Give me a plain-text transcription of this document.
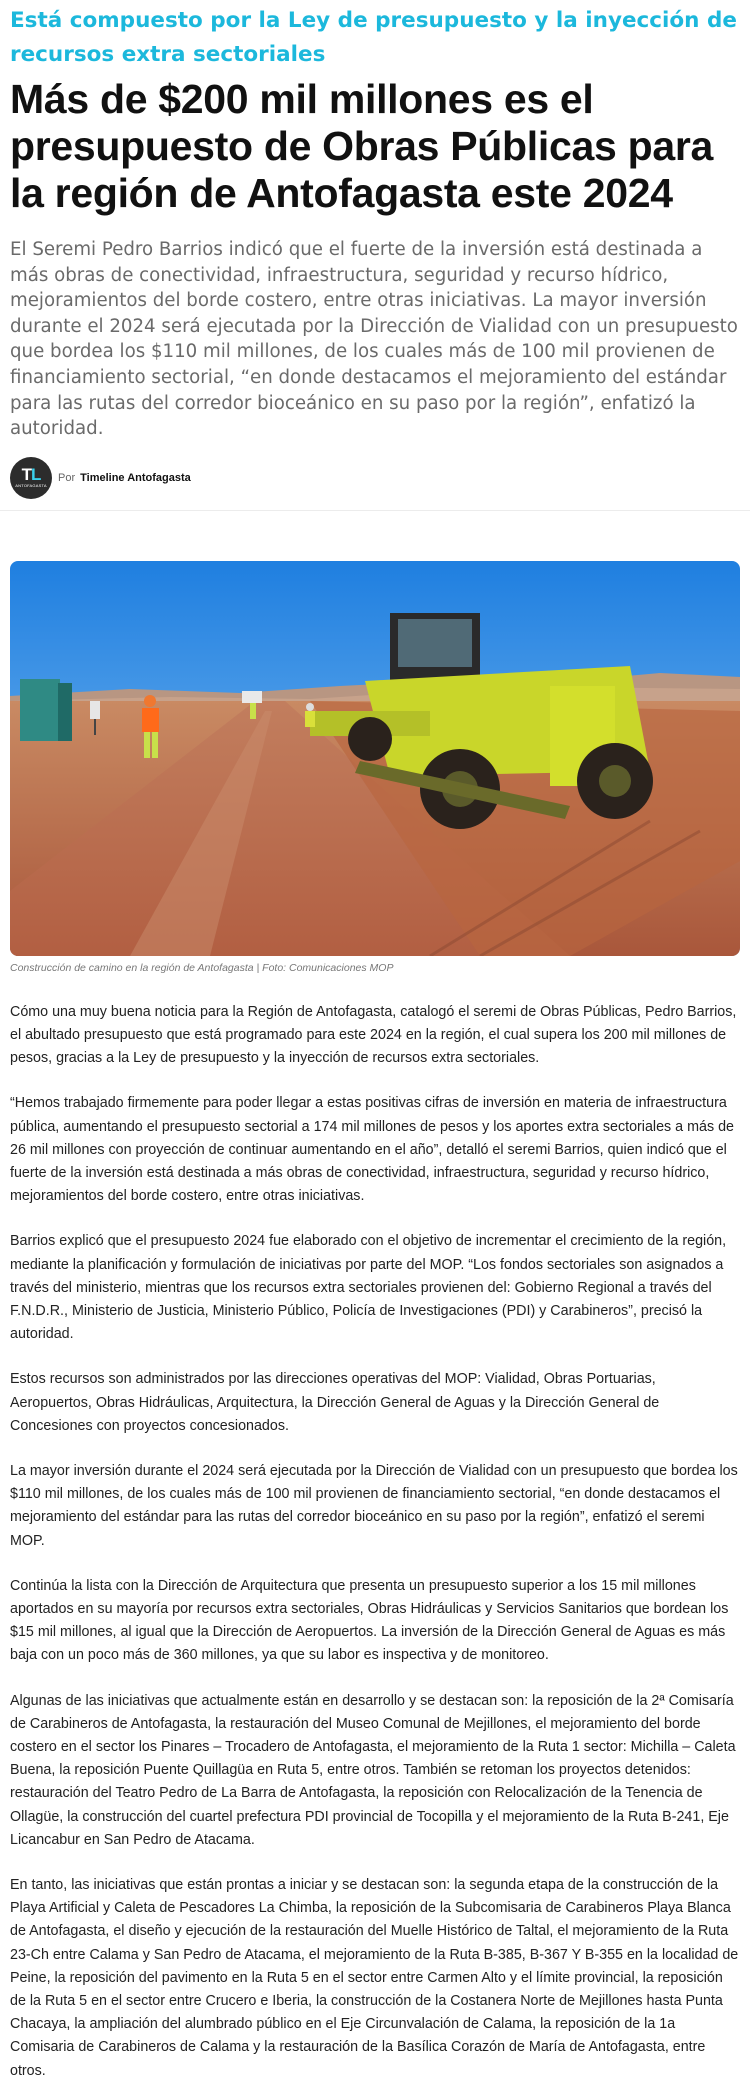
Está compuesto por la Ley de presupuesto y la inyección de recursos extra sectoriales
Más de $200 mil millones es el presupuesto de Obras Públicas para la región de Antofagasta este 2024
El Seremi Pedro Barrios indicó que el fuerte de la inversión está destinada a más obras de conectividad, infraestructura, seguridad y recurso hídrico, mejoramientos del borde costero, entre otras iniciativas. La mayor inversión durante el 2024 será ejecutada por la Dirección de Vialidad con un presupuesto que bordea los $110 mil millones, de los cuales más de 100 mil provienen de financiamiento sectorial, “en donde destacamos el mejoramiento del estándar para las rutas del corredor bioceánico en su paso por la región”, enfatizó la autoridad.
TL
ANTOFAGASTA
Por Timeline Antofagasta
Construcción de camino en la región de Antofagasta | Foto: Comunicaciones MOP

Cómo una muy buena noticia para la Región de Antofagasta, catalogó el seremi de Obras Públicas, Pedro Barrios, el abultado presupuesto que está programado para este 2024 en la región, el cual supera los 200 mil millones de pesos, gracias a la Ley de presupuesto y la inyección de recursos extra sectoriales.

“Hemos trabajado firmemente para poder llegar a estas positivas cifras de inversión en materia de infraestructura pública, aumentando el presupuesto sectorial a 174 mil millones de pesos y los aportes extra sectoriales a más de 26 mil millones con proyección de continuar aumentando en el año”, detalló el seremi Barrios, quien indicó que el fuerte de la inversión está destinada a más obras de conectividad, infraestructura, seguridad y recurso hídrico, mejoramientos del borde costero, entre otras iniciativas.

Barrios explicó que el presupuesto 2024 fue elaborado con el objetivo de incrementar el crecimiento de la región, mediante la planificación y formulación de iniciativas por parte del MOP. “Los fondos sectoriales son asignados a través del ministerio, mientras que los recursos extra sectoriales provienen del: Gobierno Regional a través del F.N.D.R., Ministerio de Justicia, Ministerio Público, Policía de Investigaciones (PDI) y Carabineros”, precisó la autoridad.

Estos recursos son administrados por las direcciones operativas del MOP: Vialidad, Obras Portuarias, Aeropuertos, Obras Hidráulicas, Arquitectura, la Dirección General de Aguas y la Dirección General de Concesiones con proyectos concesionados.

La mayor inversión durante el 2024 será ejecutada por la Dirección de Vialidad con un presupuesto que bordea los $110 mil millones, de los cuales más de 100 mil provienen de financiamiento sectorial, “en donde destacamos el mejoramiento del estándar para las rutas del corredor bioceánico en su paso por la región”, enfatizó el seremi MOP.

Continúa la lista con la Dirección de Arquitectura que presenta un presupuesto superior a los 15 mil millones aportados en su mayoría por recursos extra sectoriales, Obras Hidráulicas y Servicios Sanitarios que bordean los $15 mil millones, al igual que la Dirección de Aeropuertos. La inversión de la Dirección General de Aguas es más baja con un poco más de 360 millones, ya que su labor es inspectiva y de monitoreo.

Algunas de las iniciativas que actualmente están en desarrollo y se destacan son: la reposición de la 2ª Comisaría de Carabineros de Antofagasta, la restauración del Museo Comunal de Mejillones, el mejoramiento del borde costero en el sector los Pinares – Trocadero de Antofagasta, el mejoramiento de la Ruta 1 sector: Michilla – Caleta Buena, la reposición Puente Quillagüa en Ruta 5, entre otros. También se retoman los proyectos detenidos: restauración del Teatro Pedro de La Barra de Antofagasta, la reposición con Relocalización de la Tenencia de Ollagüe, la construcción del cuartel prefectura PDI provincial de Tocopilla y el mejoramiento de la Ruta B-241, Eje Licancabur en San Pedro de Atacama.

En tanto, las iniciativas que están prontas a iniciar y se destacan son: la segunda etapa de la construcción de la Playa Artificial y Caleta de Pescadores La Chimba, la reposición de la Subcomisaria de Carabineros Playa Blanca de Antofagasta, el diseño y ejecución de la restauración del Muelle Histórico de Taltal, el mejoramiento de la Ruta 23-Ch entre Calama y San Pedro de Atacama, el mejoramiento de la Ruta B-385, B-367 Y B-355 en la localidad de Peine, la reposición del pavimento en la Ruta 5 en el sector entre Carmen Alto y el límite provincial, la reposición de la Ruta 5 en el sector entre Crucero e Iberia, la construcción de la Costanera Norte de Mejillones hasta Punta Chacaya, la ampliación del alumbrado público en el Eje Circunvalación de Calama, la reposición de la 1a Comisaria de Carabineros de Calama y la restauración de la Basílica Corazón de María de Antofagasta, entre otros.
